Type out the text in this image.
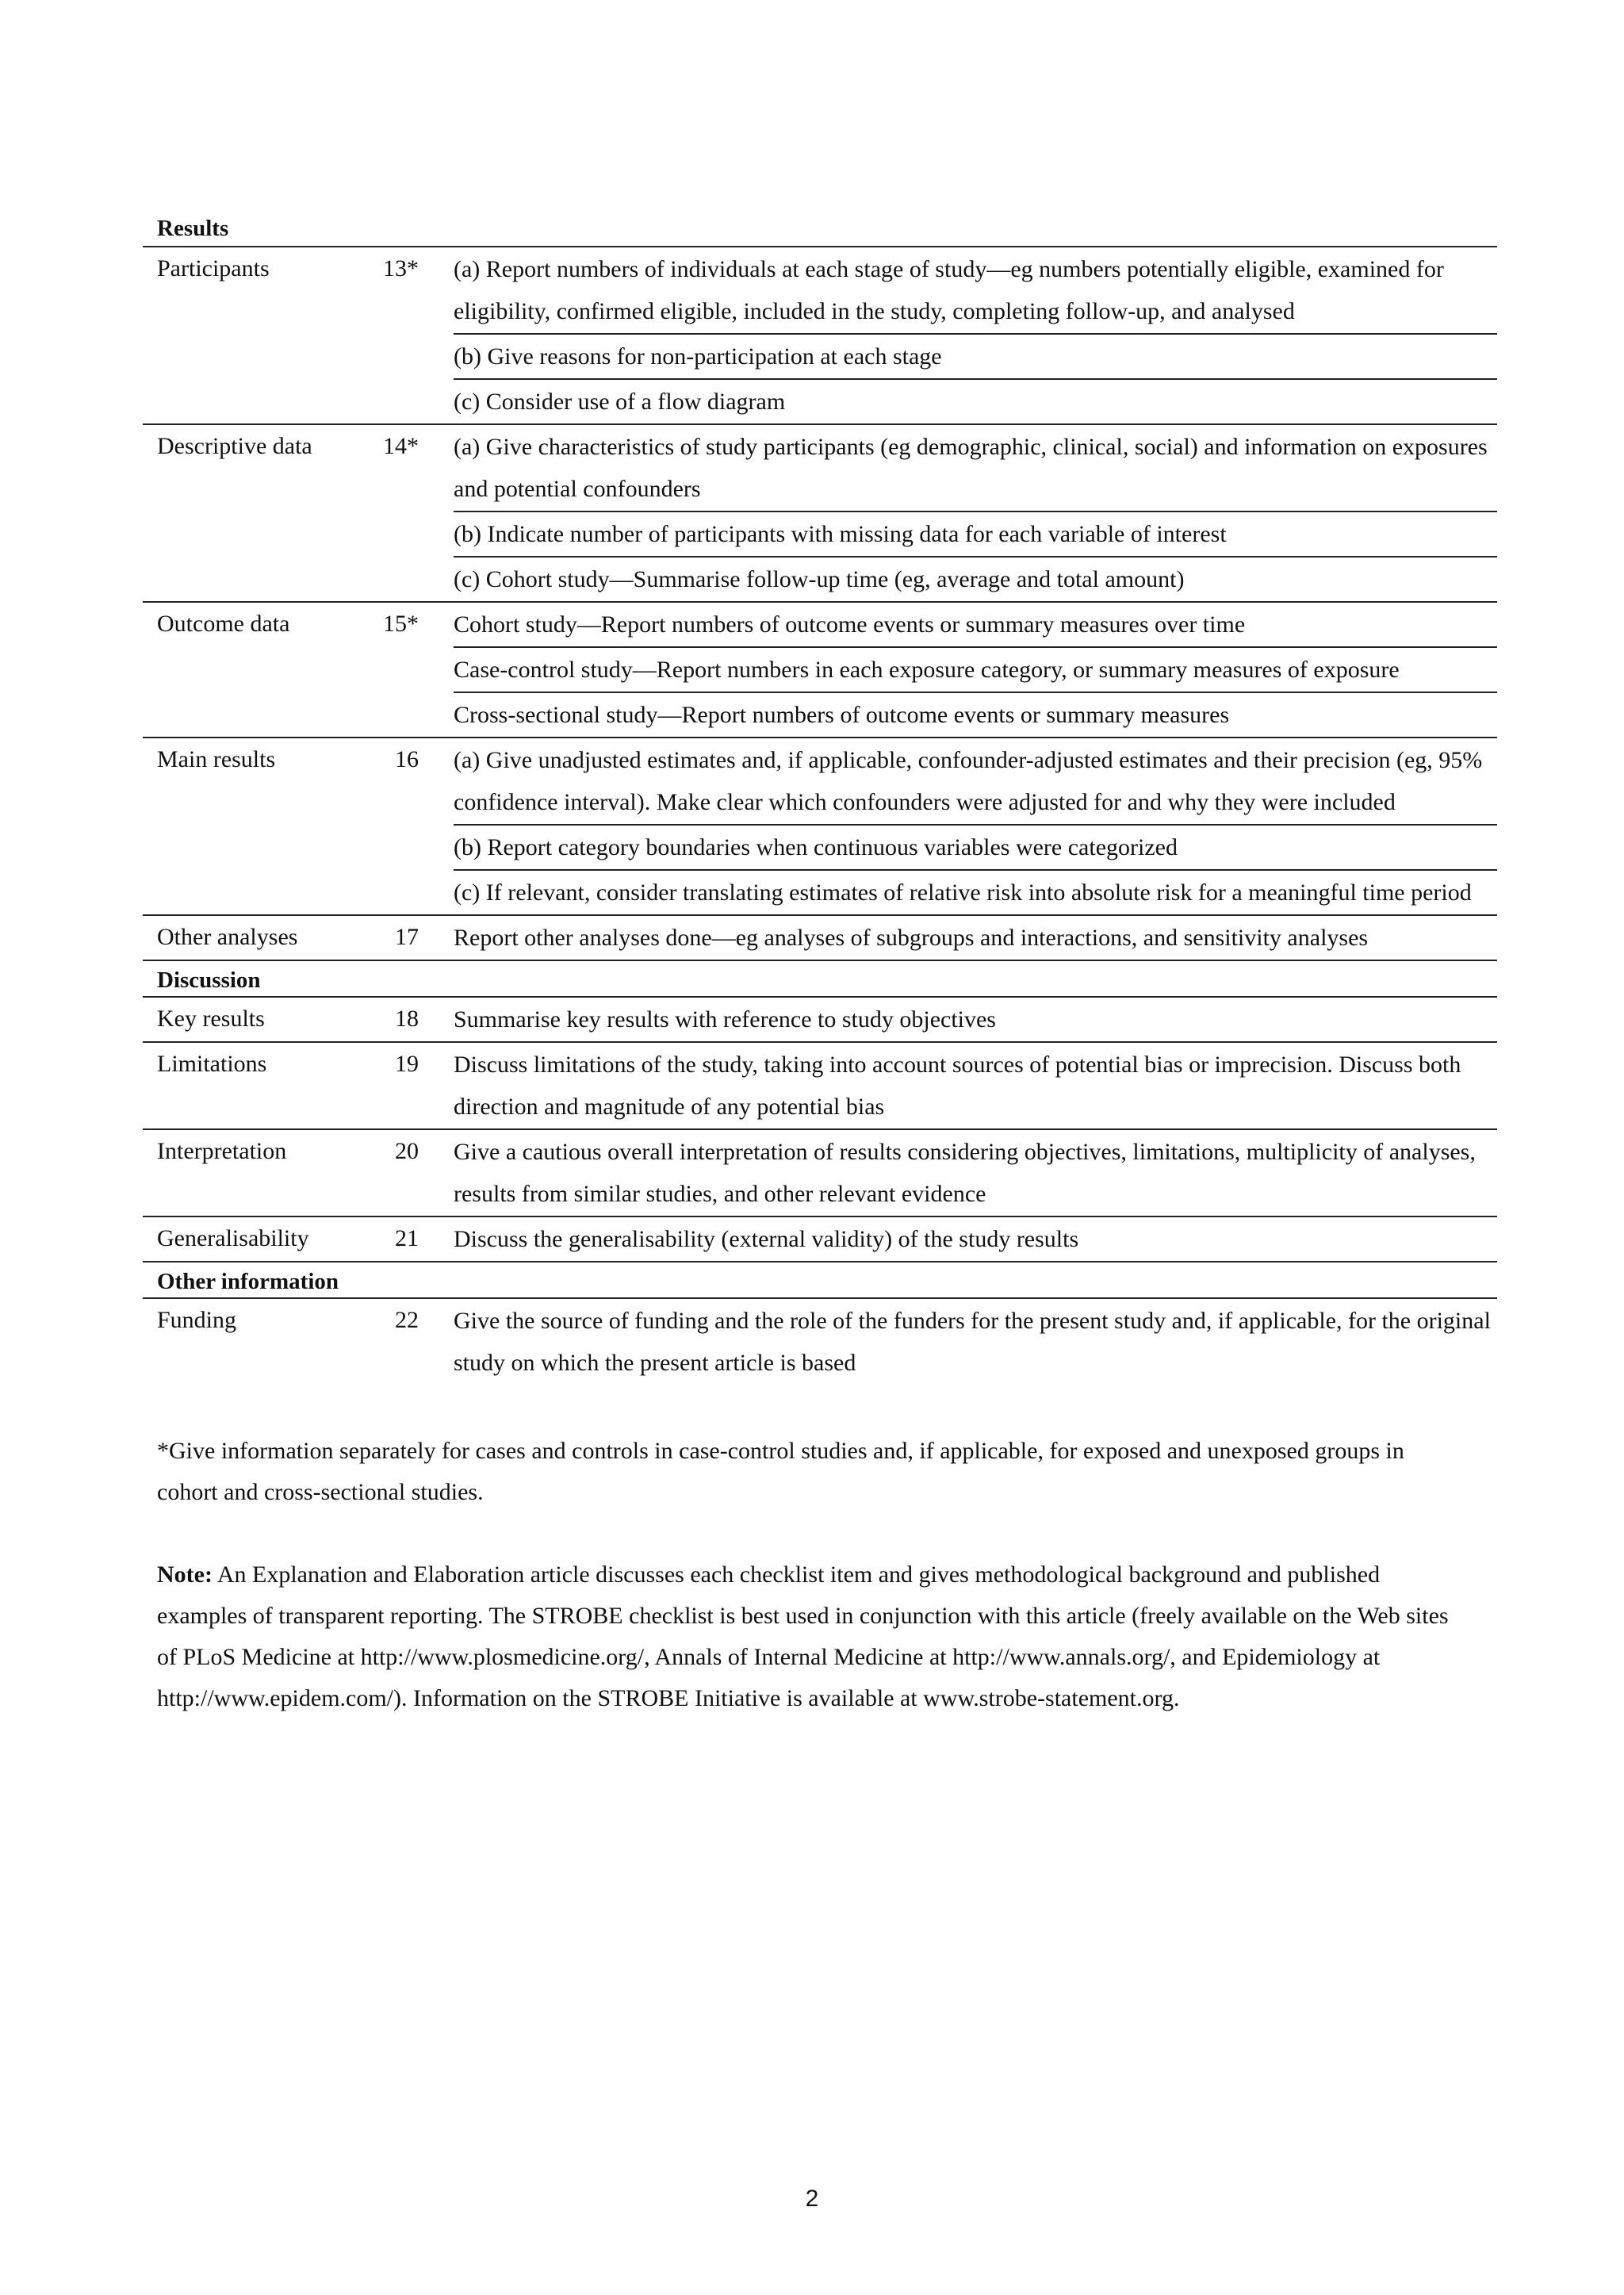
Results
Participants	13* (a) Report numbers of individuals at each stage of study—eg numbers potentially eligible, examined for eligibility, confirmed eligible, included in the study, completing follow-up, and analysed
(b) Give reasons for non-participation at each stage
(c) Consider use of a flow diagram
Descriptive data	14* (a) Give characteristics of study participants (eg demographic, clinical, social) and information on exposures and potential confounders
(b) Indicate number of participants with missing data for each variable of interest
(c) Cohort study—Summarise follow-up time (eg, average and total amount)
Outcome data	15* Cohort study—Report numbers of outcome events or summary measures over time
Case-control study—Report numbers in each exposure category, or summary measures of exposure
Cross-sectional study—Report numbers of outcome events or summary measures
Main results	16 (a) Give unadjusted estimates and, if applicable, confounder-adjusted estimates and their precision (eg, 95% confidence interval). Make clear which confounders were adjusted for and why they were included
(b) Report category boundaries when continuous variables were categorized
(c) If relevant, consider translating estimates of relative risk into absolute risk for a meaningful time period
Other analyses	17 Report other analyses done—eg analyses of subgroups and interactions, and sensitivity analyses
Discussion
Key results	18 Summarise key results with reference to study objectives
Limitations	19 Discuss limitations of the study, taking into account sources of potential bias or imprecision. Discuss both direction and magnitude of any potential bias
Interpretation	20 Give a cautious overall interpretation of results considering objectives, limitations, multiplicity of analyses, results from similar studies, and other relevant evidence
Generalisability	21 Discuss the generalisability (external validity) of the study results
Other information
Funding	22 Give the source of funding and the role of the funders for the present study and, if applicable, for the original study on which the present article is based
*Give information separately for cases and controls in case-control studies and, if applicable, for exposed and unexposed groups in cohort and cross-sectional studies.
Note: An Explanation and Elaboration article discusses each checklist item and gives methodological background and published examples of transparent reporting. The STROBE checklist is best used in conjunction with this article (freely available on the Web sites of PLoS Medicine at http://www.plosmedicine.org/, Annals of Internal Medicine at http://www.annals.org/, and Epidemiology at http://www.epidem.com/). Information on the STROBE Initiative is available at www.strobe-statement.org.
2
